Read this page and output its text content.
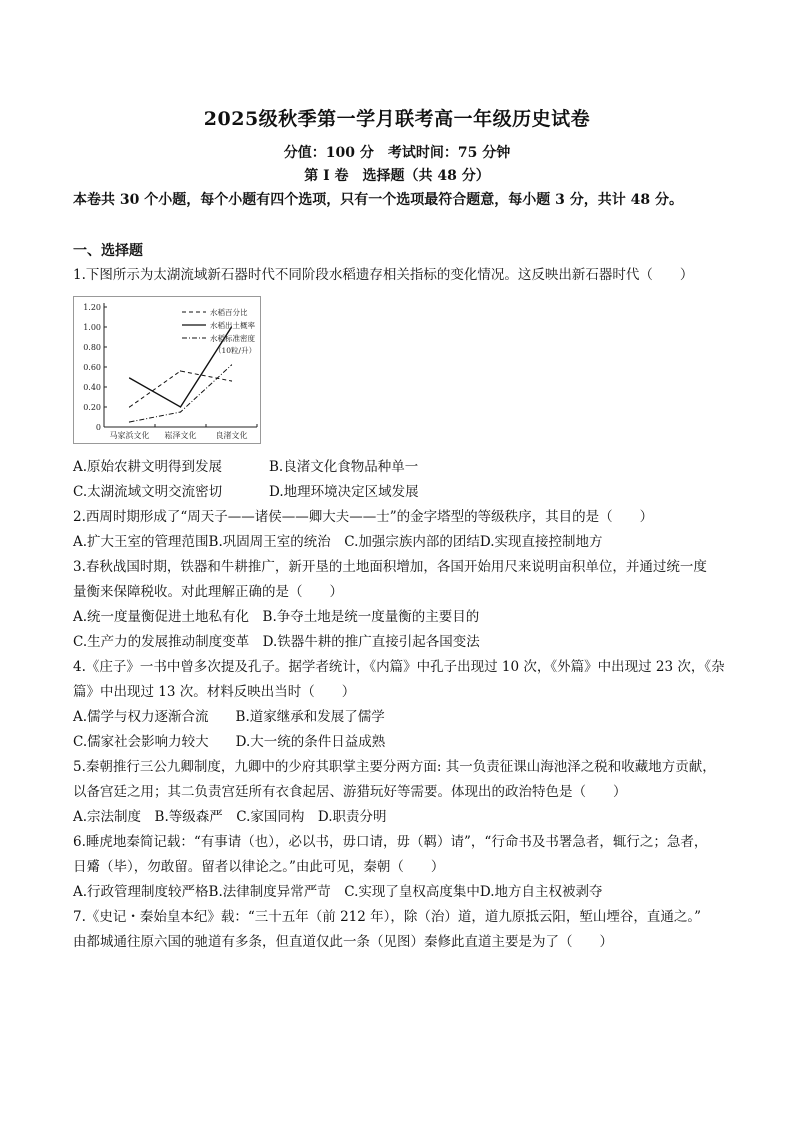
2025级秋季第一学月联考高一年级历史试卷
分值：100 分　考试时间：75 分钟
第 I 卷　选择题（共 48 分）
本卷共 30 个小题，每个小题有四个选项，只有一个选项最符合题意，每小题 3 分，共计 48 分。
一、选择题
1.下图所示为太湖流域新石器时代不同阶段水稻遗存相关指标的变化情况。这反映出新石器时代（　　）
0
0.20
0.40
0.60
0.80
1.00
1.20
马家浜文化 崧泽文化 良渚文化
水稻百分比
水稻出土概率
水稻标准密度
（10粒/升）
A.原始农耕文明得到发展	B.良渚文化食物品种单一
C.太湖流域文明交流密切	D.地理环境决定区域发展
2.西周时期形成了“周天子——诸侯——卿大夫——士”的金字塔型的等级秩序，其目的是（　　）
A.扩大王室的管理范围B.巩固周王室的统治　C.加强宗族内部的团结D.实现直接控制地方
3.春秋战国时期，铁器和牛耕推广，新开垦的土地面积增加，各国开始用尺来说明亩积单位，并通过统一度
量衡来保障税收。对此理解正确的是（　　）
A.统一度量衡促进土地私有化　B.争夺土地是统一度量衡的主要目的
C.生产力的发展推动制度变革　D.铁器牛耕的推广直接引起各国变法
4.《庄子》一书中曾多次提及孔子。据学者统计，《内篇》中孔子出现过 10 次，《外篇》中出现过 23 次，《杂
篇》中出现过 13 次。材料反映出当时（　　）
A.儒学与权力逐渐合流　　B.道家继承和发展了儒学
C.儒家社会影响力较大　　D.大一统的条件日益成熟
5.秦朝推行三公九卿制度，九卿中的少府其职掌主要分两方面: 其一负责征课山海池泽之税和收藏地方贡献，
以备宫廷之用；其二负责宫廷所有衣食起居、游猎玩好等需要。体现出的政治特色是（　　）
A.宗法制度　B.等级森严　C.家国同构　D.职责分明
6.睡虎地秦简记载：“有事请（也），必以书，毋口请，毋（羁）请”，“行命书及书署急者，辄行之；急者，
日觱（毕），勿敢留。留者以律论之。”由此可见，秦朝（　　）
A.行政管理制度较严格B.法律制度异常严苛　C.实现了皇权高度集中D.地方自主权被剥夺
7.《史记・秦始皇本纪》载：“三十五年（前 212 年），除（治）道，道九原抵云阳，堑山堙谷，直通之。”
由都城通往原六国的驰道有多条，但直道仅此一条（见图）秦修此直道主要是为了（　　）
